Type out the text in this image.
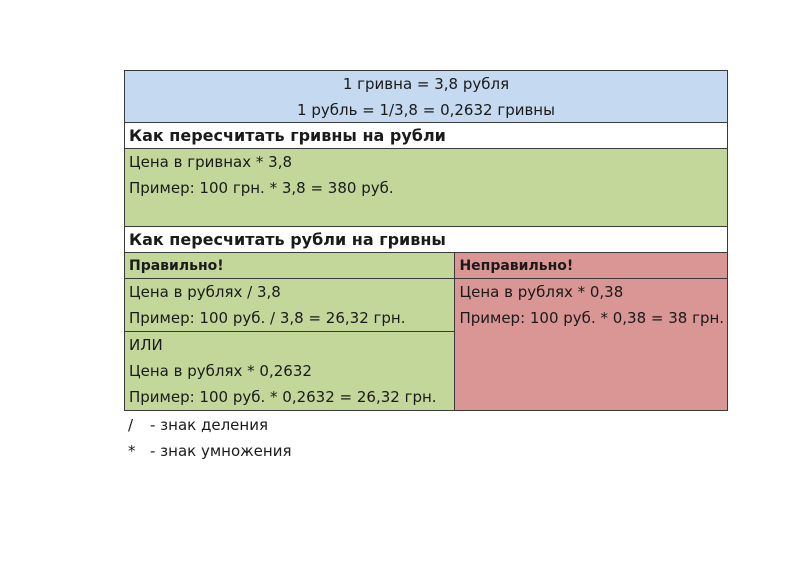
1 гривна = 3,8 рубля
1 рубль = 1/3,8 = 0,2632 гривны
Как пересчитать гривны на рубли
Цена в гривнах * 3,8
Пример: 100 грн. * 3,8 = 380 руб.
Как пересчитать рубли на гривны
Правильно!
Цена в рублях / 3,8
Пример: 100 руб. / 3,8 = 26,32 грн.
ИЛИ
Цена в рублях * 0,2632
Пример: 100 руб. * 0,2632 = 26,32 грн.
Неправильно!
Цена в рублях * 0,38
Пример: 100 руб. * 0,38 = 38 грн.
/ - знак деления
* - знак умножения
